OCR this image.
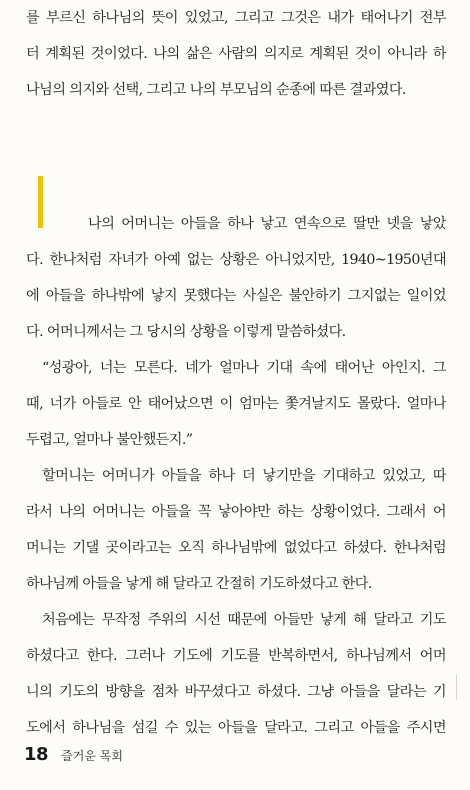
를 부르신 하나님의 뜻이 있었고, 그리고 그것은 내가 태어나기 전부
터 계획된 것이었다. 나의 삶은 사람의 의지로 계획된 것이 아니라 하
나님의 의지와 선택, 그리고 나의 부모님의 순종에 따른 결과였다.
나의 어머니는 아들을 하나 낳고 연속으로 딸만 넷을 낳았
다. 한나처럼 자녀가 아예 없는 상황은 아니었지만, 1940~1950년대
에 아들을 하나밖에 낳지 못했다는 사실은 불안하기 그지없는 일이었
다. 어머니께서는 그 당시의 상황을 이렇게 말씀하셨다.
“성광아, 너는 모른다. 네가 얼마나 기대 속에 태어난 아인지. 그
때, 너가 아들로 안 태어났으면 이 엄마는 쫓겨날지도 몰랐다. 얼마나
두렵고, 얼마나 불안했든지.”
할머니는 어머니가 아들을 하나 더 낳기만을 기대하고 있었고, 따
라서 나의 어머니는 아들을 꼭 낳아야만 하는 상황이었다. 그래서 어
머니는 기댈 곳이라고는 오직 하나님밖에 없었다고 하셨다. 한나처럼
하나님께 아들을 낳게 해 달라고 간절히 기도하셨다고 한다.
처음에는 무작정 주위의 시선 때문에 아들만 낳게 해 달라고 기도
하셨다고 한다. 그러나 기도에 기도를 반복하면서, 하나님께서 어머
니의 기도의 방향을 점차 바꾸셨다고 하셨다. 그냥 아들을 달라는 기
도에서 하나님을 섬길 수 있는 아들을 달라고. 그리고 아들을 주시면
18 즐거운 목회
